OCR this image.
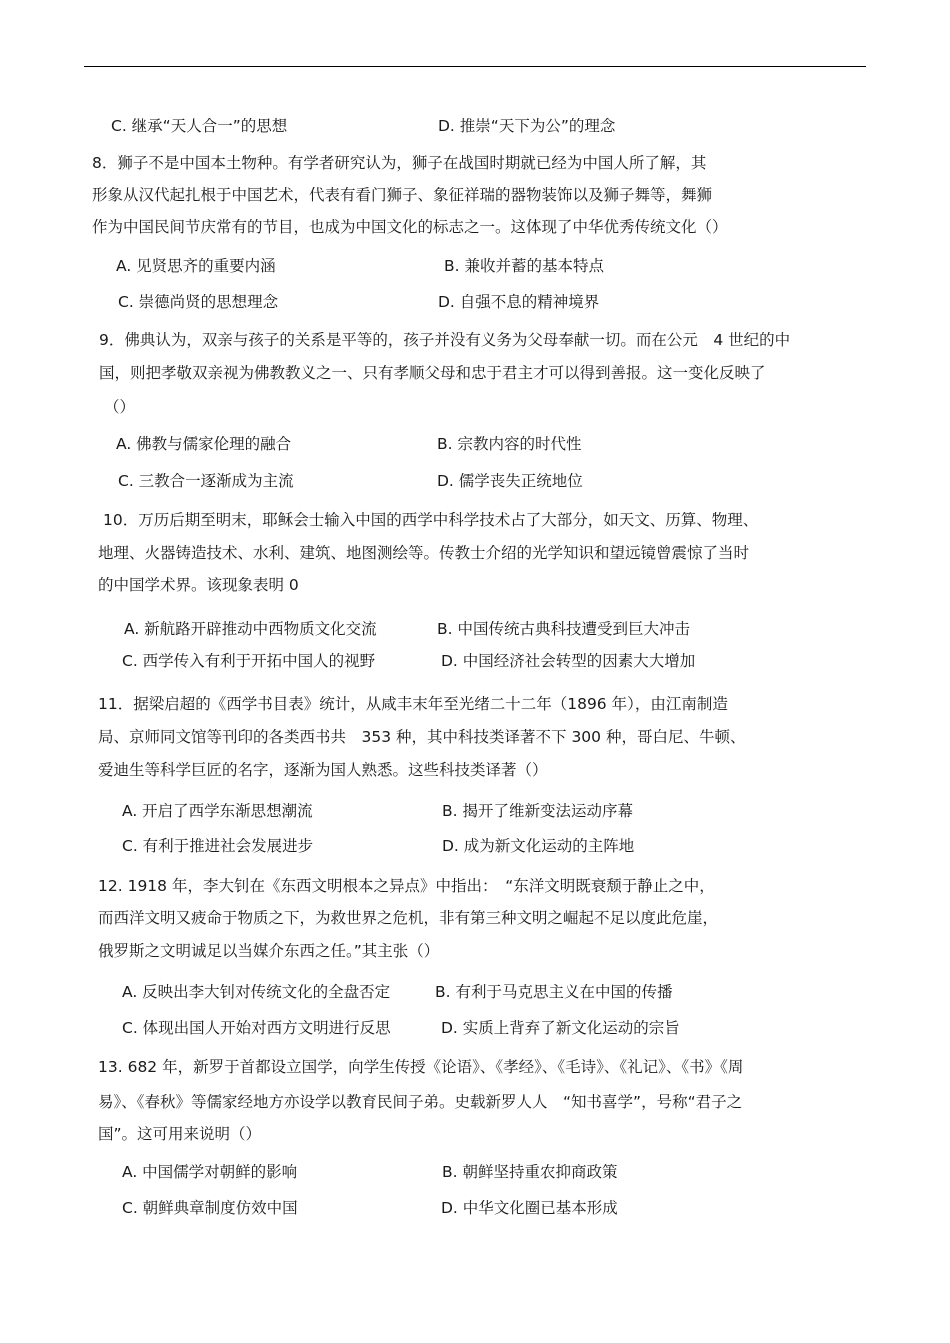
C. 继承“天人合一”的思想	D. 推崇“天下为公”的理念
8．狮子不是中国本土物种。有学者研究认为，狮子在战国时期就已经为中国人所了解，其
形象从汉代起扎根于中国艺术，代表有看门狮子、象征祥瑞的器物装饰以及狮子舞等，舞狮
作为中国民间节庆常有的节目，也成为中国文化的标志之一。这体现了中华优秀传统文化（）
A. 见贤思齐的重要内涵	B. 兼收并蓄的基本特点
C. 崇德尚贤的思想理念	D. 自强不息的精神境界
9．佛典认为，双亲与孩子的关系是平等的，孩子并没有义务为父母奉献一切。而在公元　4 世纪的中
国，则把孝敬双亲视为佛教教义之一、只有孝顺父母和忠于君主才可以得到善报。这一变化反映了
（）
A. 佛教与儒家伦理的融合	B. 宗教内容的时代性
C. 三教合一逐渐成为主流	D. 儒学丧失正统地位
10．万历后期至明末，耶稣会士输入中国的西学中科学技术占了大部分，如天文、历算、物理、
地理、火器铸造技术、水利、建筑、地图测绘等。传教士介绍的光学知识和望远镜曾震惊了当时
的中国学术界。该现象表明 0
A. 新航路开辟推动中西物质文化交流	B. 中国传统古典科技遭受到巨大冲击
C. 西学传入有利于开拓中国人的视野	D. 中国经济社会转型的因素大大增加
11．据梁启超的《西学书目表》统计，从咸丰末年至光绪二十二年（1896 年），由江南制造
局、京师同文馆等刊印的各类西书共　353 种，其中科技类译著不下 300 种，哥白尼、牛顿、
爱迪生等科学巨匠的名字，逐渐为国人熟悉。这些科技类译著（）
A. 开启了西学东渐思想潮流	B. 揭开了维新变法运动序幕
C. 有利于推进社会发展进步	D. 成为新文化运动的主阵地
12. 1918 年，李大钊在《东西文明根本之异点》中指出：　“东洋文明既衰颓于静止之中，
而西洋文明又疲命于物质之下，为救世界之危机，非有第三种文明之崛起不足以度此危崖，
俄罗斯之文明诚足以当媒介东西之任。”其主张（）
A. 反映出李大钊对传统文化的全盘否定	B. 有利于马克思主义在中国的传播
C. 体现出国人开始对西方文明进行反思	D. 实质上背弃了新文化运动的宗旨
13. 682 年，新罗于首都设立国学，向学生传授《论语》、《孝经》、《毛诗》、《礼记》、《书》《周
易》、《春秋》等儒家经地方亦设学以教育民间子弟。史载新罗人人　“知书喜学”，号称“君子之
国”。这可用来说明（）
A. 中国儒学对朝鲜的影响	B. 朝鲜坚持重农抑商政策
C. 朝鲜典章制度仿效中国	D. 中华文化圈已基本形成
